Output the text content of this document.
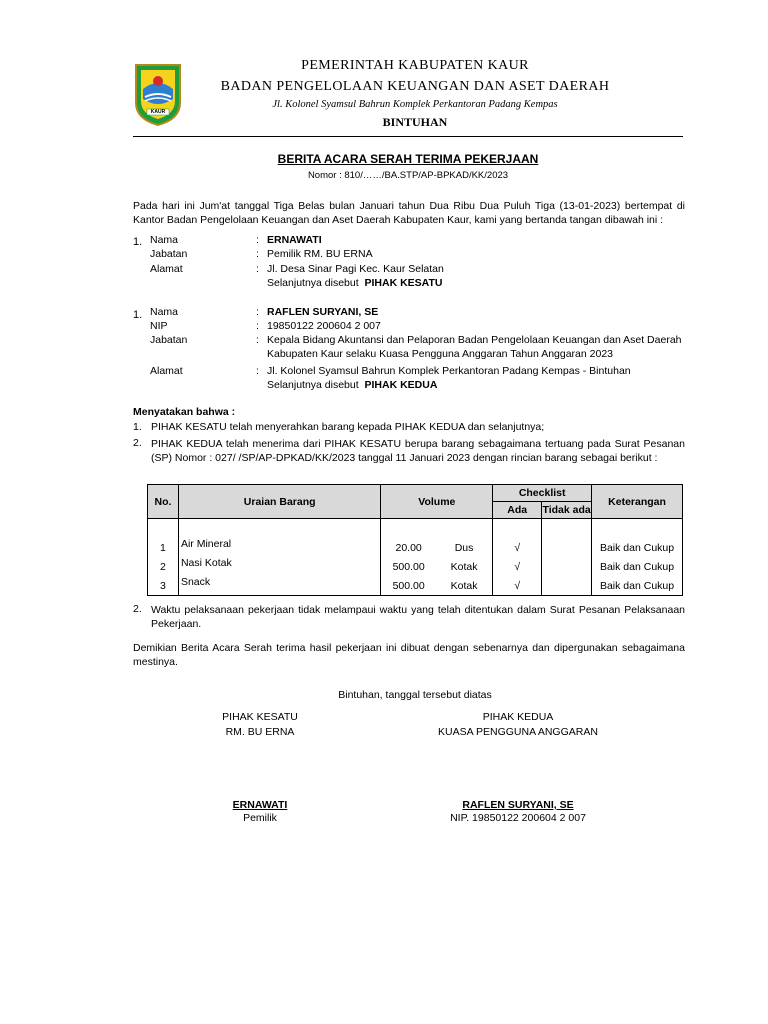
KAUR
PEMERINTAH KABUPATEN KAUR
BADAN PENGELOLAAN KEUANGAN DAN ASET DAERAH
Jl. Kolonel Syamsul Bahrun Komplek Perkantoran Padang Kempas
BINTUHAN
BERITA ACARA SERAH TERIMA PEKERJAAN
Nomor : 810/……/BA.STP/AP-BPKAD/KK/2023
Pada hari ini Jum'at tanggal Tiga Belas bulan Januari tahun Dua Ribu Dua Puluh Tiga (13-01-2023) bertempat di Kantor Badan Pengelolaan Keuangan dan Aset Daerah Kabupaten Kaur, kami yang bertanda tangan dibawah ini :
1. Nama	: ERNAWATI
Jabatan	: Pemilik RM. BU ERNA
Alamat	: Jl. Desa Sinar Pagi Kec. Kaur Selatan
Selanjutnya disebut PIHAK KESATU
1. Nama	: RAFLEN SURYANI, SE
NIP	: 19850122 200604 2 007
Jabatan	: Kepala Bidang Akuntansi dan Pelaporan Badan Pengelolaan Keuangan dan Aset Daerah
Kabupaten Kaur selaku Kuasa Pengguna Anggaran Tahun Anggaran 2023
Alamat	: Jl. Kolonel Syamsul Bahrun Komplek Perkantoran Padang Kempas - Bintuhan
Selanjutnya disebut PIHAK KEDUA
Menyatakan bahwa :
1. PIHAK KESATU telah menyerahkan barang kepada PIHAK KEDUA dan selanjutnya;
2. PIHAK KEDUA telah menerima dari PIHAK KESATU berupa barang sebagaimana tertuang pada Surat Pesanan (SP) Nomor : 027/ /SP/AP-DPKAD/KK/2023 tanggal 11 Januari 2023 dengan rincian barang sebagai berikut :
No.	Uraian Barang	Volume		Checklist		Keterangan
				Ada	Tidak ada	

1	Air Mineral	20.00	Dus	√		Baik dan Cukup
2	Nasi Kotak	500.00	Kotak	√		Baik dan Cukup
3	Snack	500.00	Kotak	√		Baik dan Cukup
2. Waktu pelaksanaan pekerjaan tidak melampaui waktu yang telah ditentukan dalam Surat Pesanan Pelaksanaan Pekerjaan.
Demikian Berita Acara Serah terima hasil pekerjaan ini dibuat dengan sebenarnya dan dipergunakan sebagaimana mestinya.
Bintuhan, tanggal tersebut diatas
PIHAK KESATU
RM. BU ERNA
ERNAWATI
Pemilik
PIHAK KEDUA
KUASA PENGGUNA ANGGARAN
RAFLEN SURYANI, SE
NIP. 19850122 200604 2 007
